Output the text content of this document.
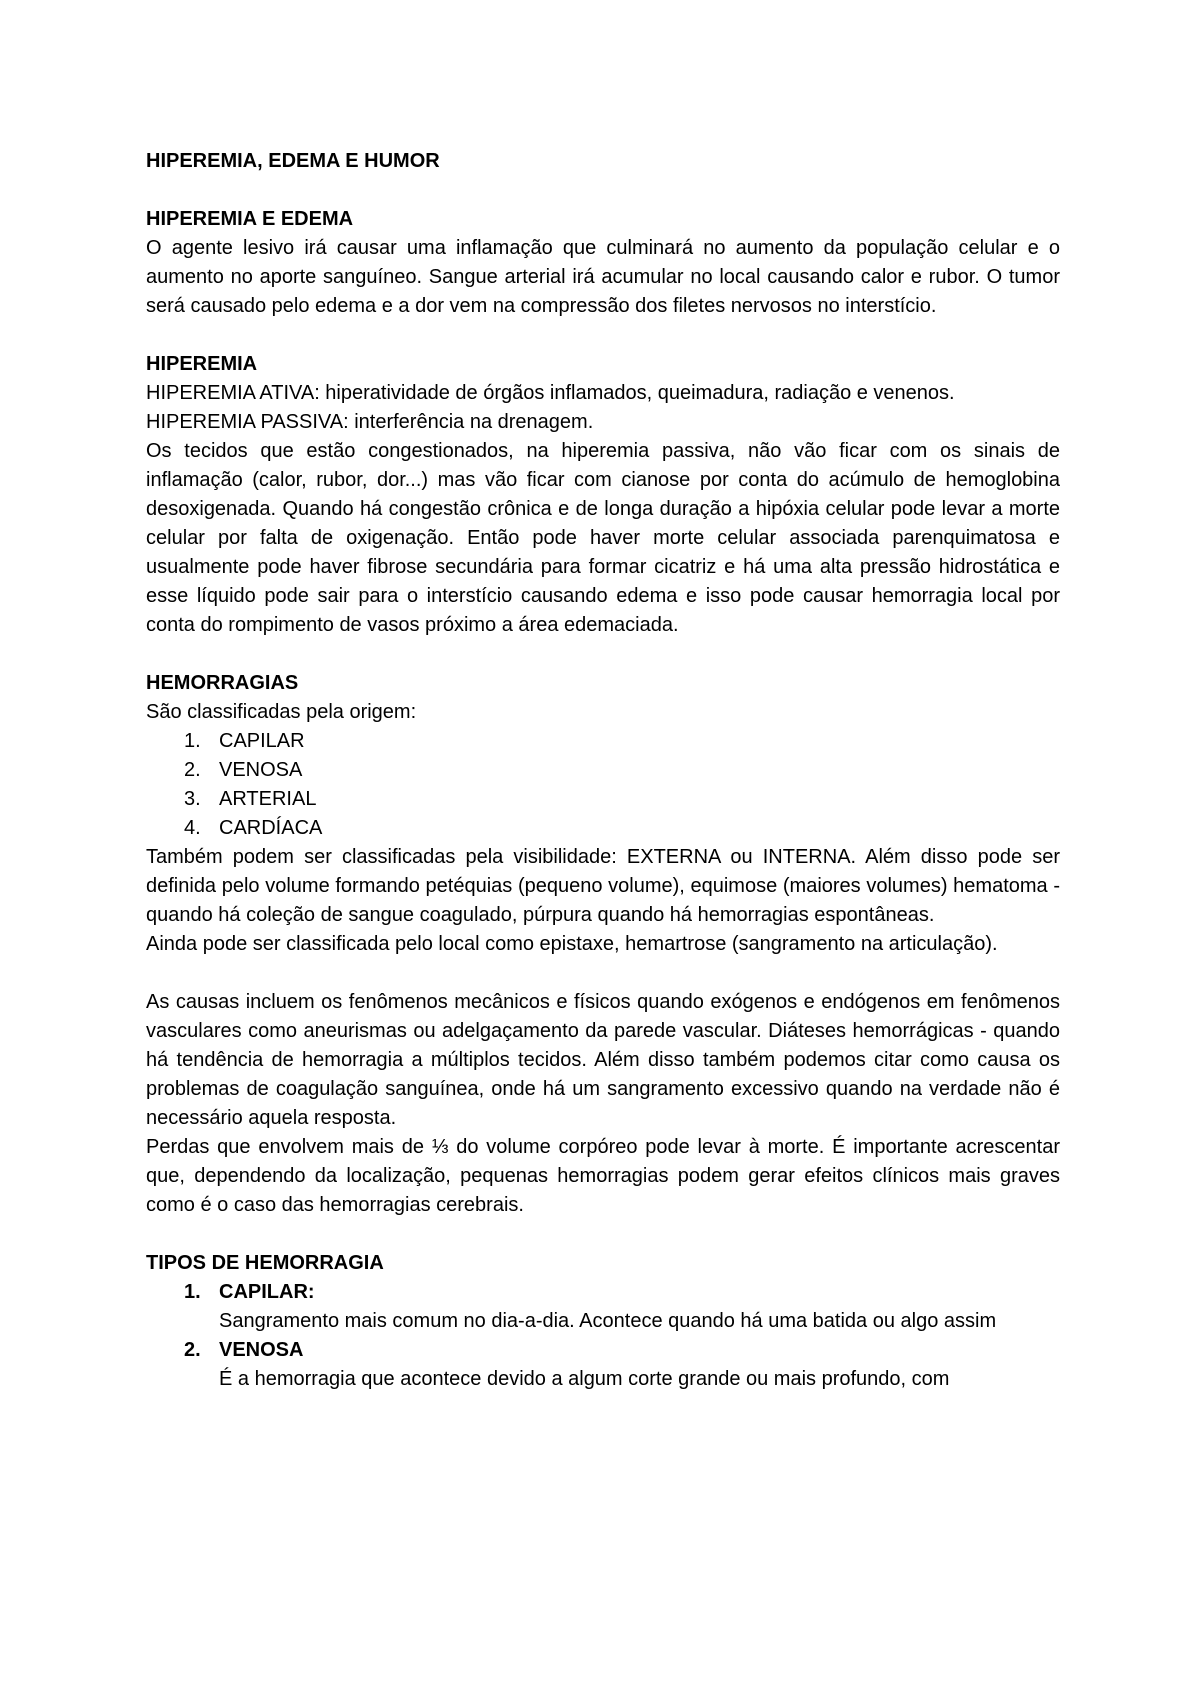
HIPEREMIA, EDEMA E HUMOR

HIPEREMIA E EDEMA

O agente lesivo irá causar uma inflamação que culminará no aumento da população celular e o aumento no aporte sanguíneo. Sangue arterial irá acumular no local causando calor e rubor. O tumor será causado pelo edema e a dor vem na compressão dos filetes nervosos no interstício.

HIPEREMIA

HIPEREMIA ATIVA: hiperatividade de órgãos inflamados, queimadura, radiação e venenos.

HIPEREMIA PASSIVA: interferência na drenagem.

Os tecidos que estão congestionados, na hiperemia passiva, não vão ficar com os sinais de inflamação (calor, rubor, dor...) mas vão ficar com cianose por conta do acúmulo de hemoglobina desoxigenada. Quando há congestão crônica e de longa duração a hipóxia celular pode levar a morte celular por falta de oxigenação. Então pode haver morte celular associada parenquimatosa e usualmente pode haver fibrose secundária para formar cicatriz e há uma alta pressão hidrostática e esse líquido pode sair para o interstício causando edema e isso pode causar hemorragia local por conta do rompimento de vasos próximo a área edemaciada.

HEMORRAGIAS

São classificadas pela origem:

1. CAPILAR
2. VENOSA
3. ARTERIAL
4. CARDÍACA

Também podem ser classificadas pela visibilidade: EXTERNA ou INTERNA. Além disso pode ser definida pelo volume formando petéquias (pequeno volume), equimose (maiores volumes) hematoma - quando há coleção de sangue coagulado, púrpura quando há hemorragias espontâneas.

Ainda pode ser classificada pelo local como epistaxe, hemartrose (sangramento na articulação).

As causas incluem os fenômenos mecânicos e físicos quando exógenos e endógenos em fenômenos vasculares como aneurismas ou adelgaçamento da parede vascular. Diáteses hemorrágicas - quando há tendência de hemorragia a múltiplos tecidos. Além disso também podemos citar como causa os problemas de coagulação sanguínea, onde há um sangramento excessivo quando na verdade não é necessário aquela resposta.

Perdas que envolvem mais de ⅓ do volume corpóreo pode levar à morte. É importante acrescentar que, dependendo da localização, pequenas hemorragias podem gerar efeitos clínicos mais graves como é o caso das hemorragias cerebrais.

TIPOS DE HEMORRAGIA

1. CAPILAR:

Sangramento mais comum no dia-a-dia. Acontece quando há uma batida ou algo assim

2. VENOSA

É a hemorragia que acontece devido a algum corte grande ou mais profundo, com
